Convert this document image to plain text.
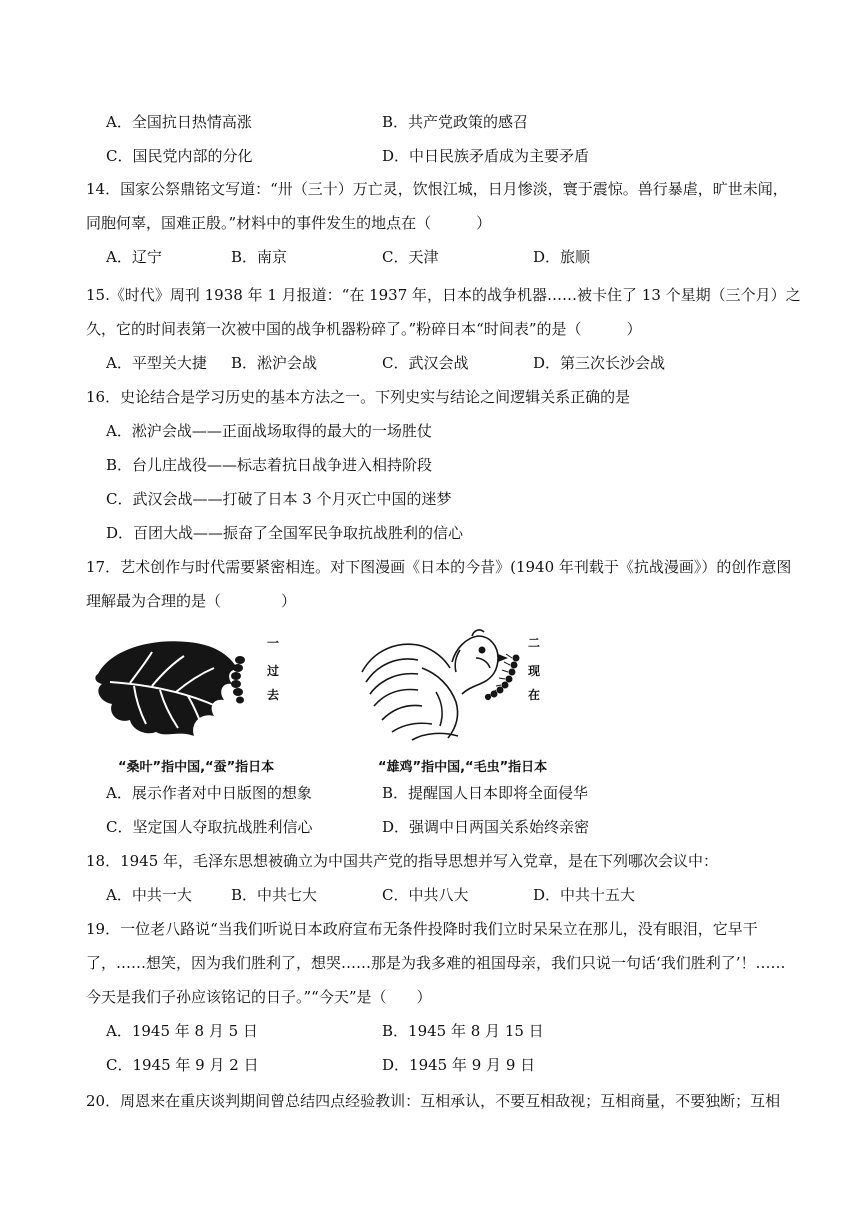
A．全国抗日热情高涨	B．共产党政策的感召
C．国民党内部的分化	D．中日民族矛盾成为主要矛盾
14．国家公祭鼎铭文写道：“卅（三十）万亡灵，饮恨江城，日月惨淡，寰于震惊。兽行暴虐，旷世未闻，
同胞何辜，国难正殷。”材料中的事件发生的地点在（　　　）
A．辽宁	B．南京	C．天津	D．旅顺
15.《时代》周刊 1938 年 1 月报道：“在 1937 年，日本的战争机器……被卡住了 13 个星期（三个月）之
久，它的时间表第一次被中国的战争机器粉碎了。”粉碎日本“时间表”的是（　　　）
A．平型关大捷 B．淞沪会战	C．武汉会战	D．第三次长沙会战
16．史论结合是学习历史的基本方法之一。下列史实与结论之间逻辑关系正确的是
A．淞沪会战——正面战场取得的最大的一场胜仗
B．台儿庄战役——标志着抗日战争进入相持阶段
C．武汉会战——打破了日本 3 个月灭亡中国的迷梦
D．百团大战——振奋了全国军民争取抗战胜利的信心
17．艺术创作与时代需要紧密相连。对下图漫画《日本的今昔》(1940 年刊载于《抗战漫画》）的创作意图
理解最为合理的是（　　　　）
一
过
去
“桑叶”指中国,“蚕”指日本
二
现
在
“雄鸡”指中国,“毛虫”指日本
A．展示作者对中日版图的想象	B．提醒国人日本即将全面侵华
C．坚定国人夺取抗战胜利信心	D．强调中日两国关系始终亲密
18．1945 年，毛泽东思想被确立为中国共产党的指导思想并写入党章，是在下列哪次会议中：
A．中共一大	B．中共七大	C．中共八大	D．中共十五大
19．一位老八路说“当我们听说日本政府宣布无条件投降时我们立时呆呆立在那儿，没有眼泪，它早干
了，……想笑，因为我们胜利了，想哭……那是为我多难的祖国母亲，我们只说一句话‘我们胜利了’！……
今天是我们子孙应该铭记的日子。”“今天”是（　　）
A．1945 年 8 月 5 日	B．1945 年 8 月 15 日
C．1945 年 9 月 2 日	D．1945 年 9 月 9 日
20．周恩来在重庆谈判期间曾总结四点经验教训：互相承认，不要互相敌视；互相商量，不要独断；互相
